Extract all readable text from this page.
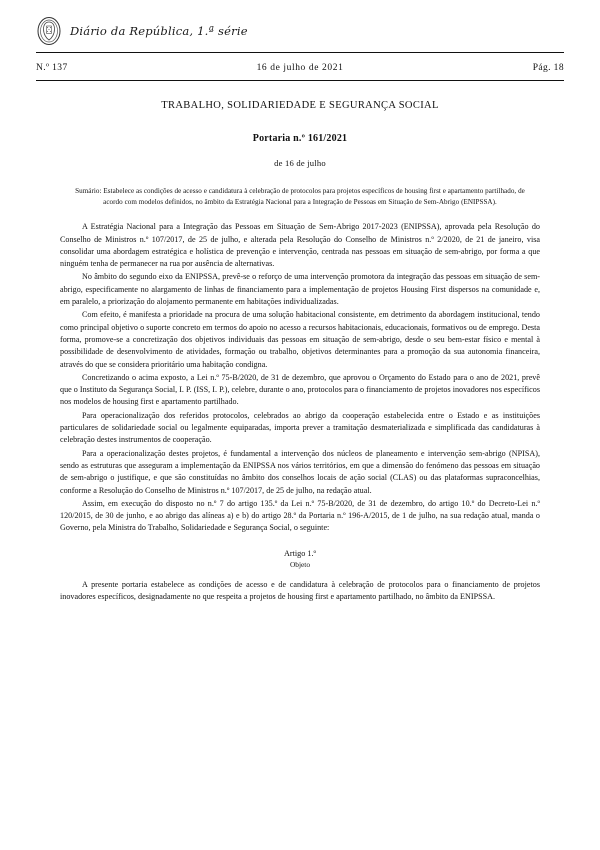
Diário da República, 1.ª série
N.º 137	16 de julho de 2021	Pág. 18
TRABALHO, SOLIDARIEDADE E SEGURANÇA SOCIAL
Portaria n.º 161/2021
de 16 de julho
Sumário: Estabelece as condições de acesso e candidatura à celebração de protocolos para projetos específicos de housing first e apartamento partilhado, de acordo com modelos definidos, no âmbito da Estratégia Nacional para a Integração de Pessoas em Situação de Sem-Abrigo (ENIPSSA).

A Estratégia Nacional para a Integração das Pessoas em Situação de Sem-Abrigo 2017-2023 (ENIPSSA), aprovada pela Resolução do Conselho de Ministros n.º 107/2017, de 25 de julho, e alterada pela Resolução do Conselho de Ministros n.º 2/2020, de 21 de janeiro, visa consolidar uma abordagem estratégica e holística de prevenção e intervenção, centrada nas pessoas em situação de sem-abrigo, por forma a que ninguém tenha de permanecer na rua por ausência de alternativas.

No âmbito do segundo eixo da ENIPSSA, prevê-se o reforço de uma intervenção promotora da integração das pessoas em situação de sem-abrigo, especificamente no alargamento de linhas de financiamento para a implementação de projetos Housing First dispersos na comunidade e, em paralelo, a priorização do alojamento permanente em habitações individualizadas.

Com efeito, é manifesta a prioridade na procura de uma solução habitacional consistente, em detrimento da abordagem institucional, tendo como principal objetivo o suporte concreto em termos do apoio no acesso a recursos habitacionais, educacionais, formativos ou de emprego. Desta forma, promove-se a concretização dos objetivos individuais das pessoas em situação de sem-abrigo, desde o seu bem-estar físico e mental à possibilidade de desenvolvimento de atividades, formação ou trabalho, objetivos determinantes para a promoção da sua autonomia financeira, através do que se considera prioritário uma habitação condigna.

Concretizando o acima exposto, a Lei n.º 75-B/2020, de 31 de dezembro, que aprovou o Orçamento do Estado para o ano de 2021, prevê que o Instituto da Segurança Social, I. P. (ISS, I. P.), celebre, durante o ano, protocolos para o financiamento de projetos inovadores nos específicos nos modelos de housing first e apartamento partilhado.

Para operacionalização dos referidos protocolos, celebrados ao abrigo da cooperação estabelecida entre o Estado e as instituições particulares de solidariedade social ou legalmente equiparadas, importa prever a tramitação desmaterializada e simplificada das candidaturas à celebração destes instrumentos de cooperação.

Para a operacionalização destes projetos, é fundamental a intervenção dos núcleos de planeamento e intervenção sem-abrigo (NPISA), sendo as estruturas que asseguram a implementação da ENIPSSA nos vários territórios, em que a dimensão do fenómeno das pessoas em situação de sem-abrigo o justifique, e que são constituídas no âmbito dos conselhos locais de ação social (CLAS) ou das plataformas supraconcelhias, conforme a Resolução do Conselho de Ministros n.º 107/2017, de 25 de julho, na redação atual.

Assim, em execução do disposto no n.º 7 do artigo 135.º da Lei n.º 75-B/2020, de 31 de dezembro, do artigo 10.º do Decreto-Lei n.º 120/2015, de 30 de junho, e ao abrigo das alíneas a) e b) do artigo 28.º da Portaria n.º 196-A/2015, de 1 de julho, na sua redação atual, manda o Governo, pela Ministra do Trabalho, Solidariedade e Segurança Social, o seguinte:

Artigo 1.º
Objeto

A presente portaria estabelece as condições de acesso e de candidatura à celebração de protocolos para o financiamento de projetos inovadores específicos, designadamente no que respeita a projetos de housing first e apartamento partilhado, no âmbito da ENIPSSA.
